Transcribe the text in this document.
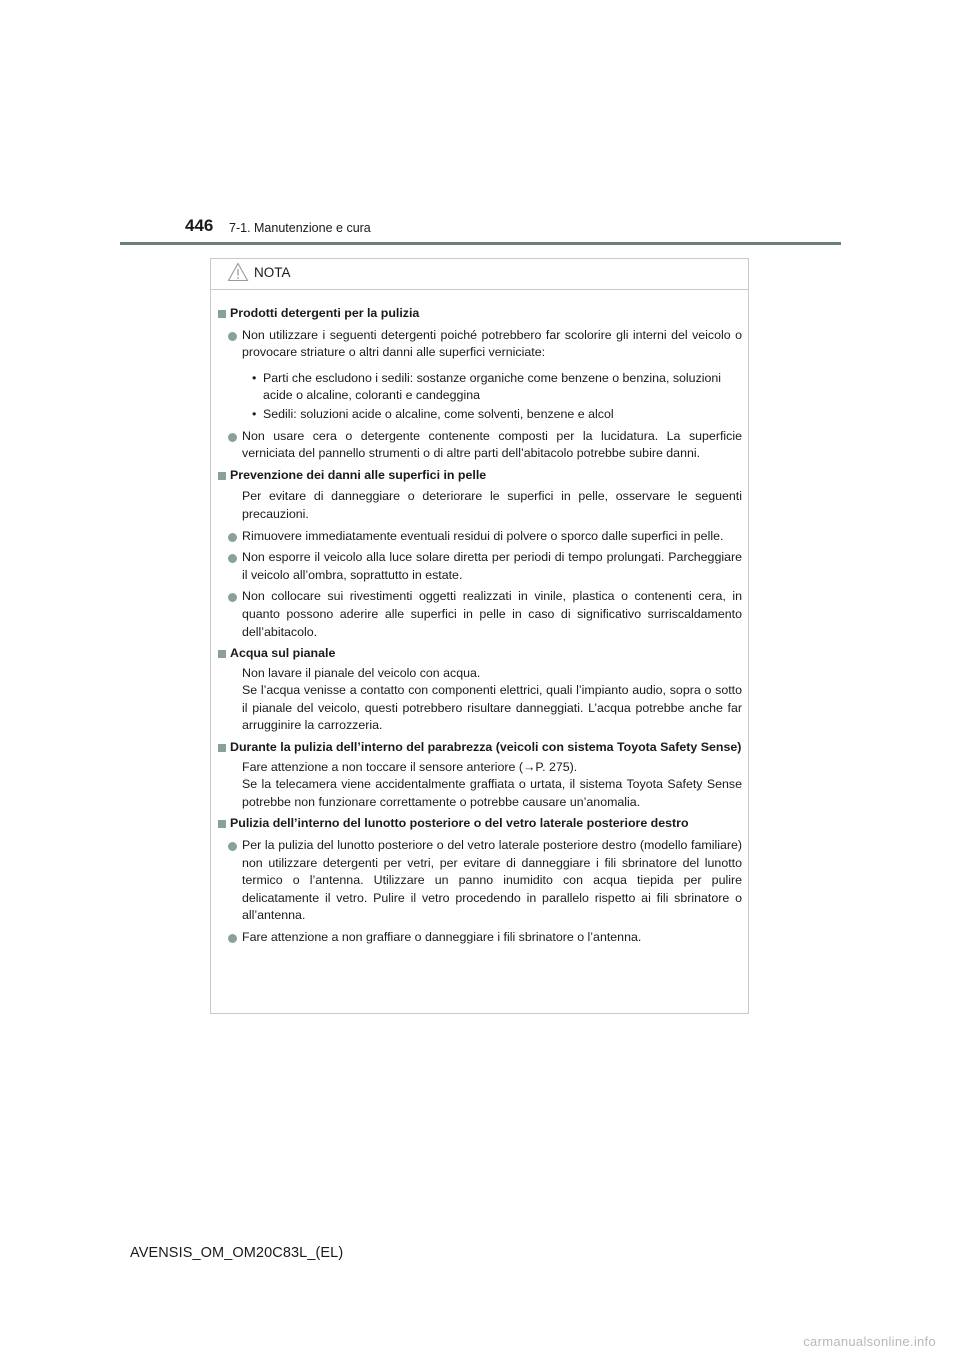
446 7-1. Manutenzione e cura
NOTA
Prodotti detergenti per la pulizia
Non utilizzare i seguenti detergenti poiché potrebbero far scolorire gli interni del veicolo o provocare striature o altri danni alle superfici verniciate:
• Parti che escludono i sedili: sostanze organiche come benzene o benzina, soluzioni acide o alcaline, coloranti e candeggina
• Sedili: soluzioni acide o alcaline, come solventi, benzene e alcol
Non usare cera o detergente contenente composti per la lucidatura. La superficie verniciata del pannello strumenti o di altre parti dell’abitacolo potrebbe subire danni.
Prevenzione dei danni alle superfici in pelle
Per evitare di danneggiare o deteriorare le superfici in pelle, osservare le seguenti precauzioni.
Rimuovere immediatamente eventuali residui di polvere o sporco dalle superfici in pelle.
Non esporre il veicolo alla luce solare diretta per periodi di tempo prolungati. Parcheggiare il veicolo all’ombra, soprattutto in estate.
Non collocare sui rivestimenti oggetti realizzati in vinile, plastica o contenenti cera, in quanto possono aderire alle superfici in pelle in caso di significativo surriscaldamento dell’abitacolo.
Acqua sul pianale
Non lavare il pianale del veicolo con acqua.
Se l’acqua venisse a contatto con componenti elettrici, quali l’impianto audio, sopra o sotto il pianale del veicolo, questi potrebbero risultare danneggiati. L’acqua potrebbe anche far arrugginire la carrozzeria.
Durante la pulizia dell’interno del parabrezza (veicoli con sistema Toyota Safety Sense)
Fare attenzione a non toccare il sensore anteriore (→P. 275).
Se la telecamera viene accidentalmente graffiata o urtata, il sistema Toyota Safety Sense potrebbe non funzionare correttamente o potrebbe causare un’anomalia.
Pulizia dell’interno del lunotto posteriore o del vetro laterale posteriore destro
Per la pulizia del lunotto posteriore o del vetro laterale posteriore destro (modello familiare) non utilizzare detergenti per vetri, per evitare di danneggiare i fili sbrinatore del lunotto termico o l’antenna. Utilizzare un panno inumidito con acqua tiepida per pulire delicatamente il vetro. Pulire il vetro procedendo in parallelo rispetto ai fili sbrinatore o all’antenna.
Fare attenzione a non graffiare o danneggiare i fili sbrinatore o l’antenna.
AVENSIS_OM_OM20C83L_(EL)
carmanualsonline.info
